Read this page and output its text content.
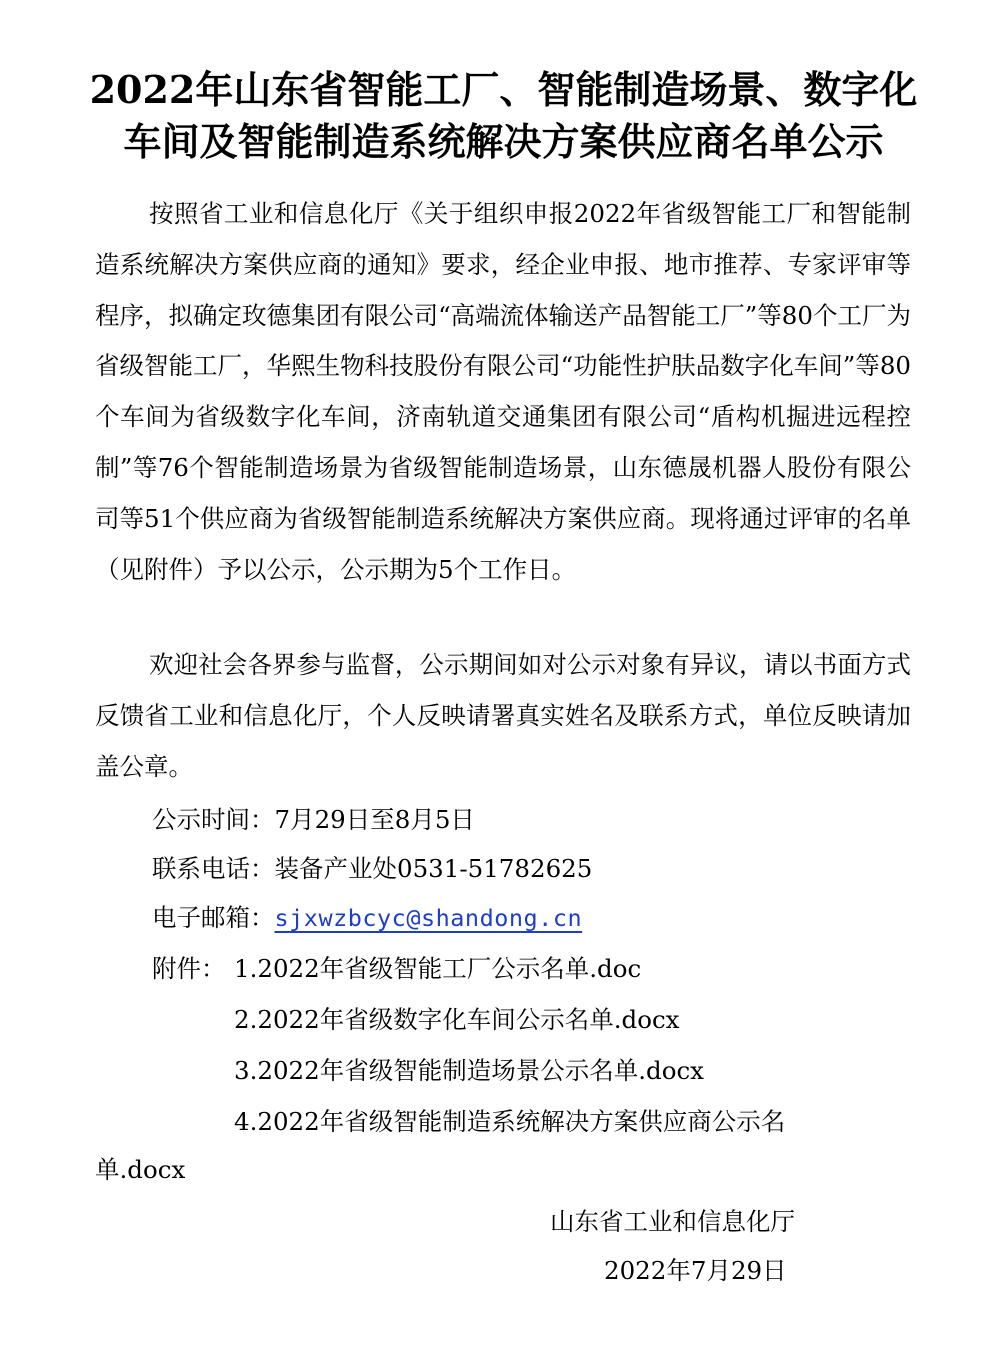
2022年山东省智能工厂、智能制造场景、数字化
车间及智能制造系统解决方案供应商名单公示

按照省工业和信息化厅《关于组织申报2022年省级智能工厂和智能制造系统解决方案供应商的通知》要求，经企业申报、地市推荐、专家评审等程序，拟确定玫德集团有限公司“高端流体输送产品智能工厂”等80个工厂为省级智能工厂，华熙生物科技股份有限公司“功能性护肤品数字化车间”等80个车间为省级数字化车间，济南轨道交通集团有限公司“盾构机掘进远程控制”等76个智能制造场景为省级智能制造场景，山东德晟机器人股份有限公司等51个供应商为省级智能制造系统解决方案供应商。现将通过评审的名单（见附件）予以公示，公示期为5个工作日。

欢迎社会各界参与监督，公示期间如对公示对象有异议，请以书面方式反馈省工业和信息化厅，个人反映请署真实姓名及联系方式，单位反映请加盖公章。

公示时间：7月29日至8月5日

联系电话：装备产业处0531-51782625

电子邮箱：sjxwzbcyc@shandong.cn

附件： 1.2022年省级智能工厂公示名单.doc

2.2022年省级数字化车间公示名单.docx

3.2022年省级智能制造场景公示名单.docx

4.2022年省级智能制造系统解决方案供应商公示名

单.docx

山东省工业和信息化厅

2022年7月29日
